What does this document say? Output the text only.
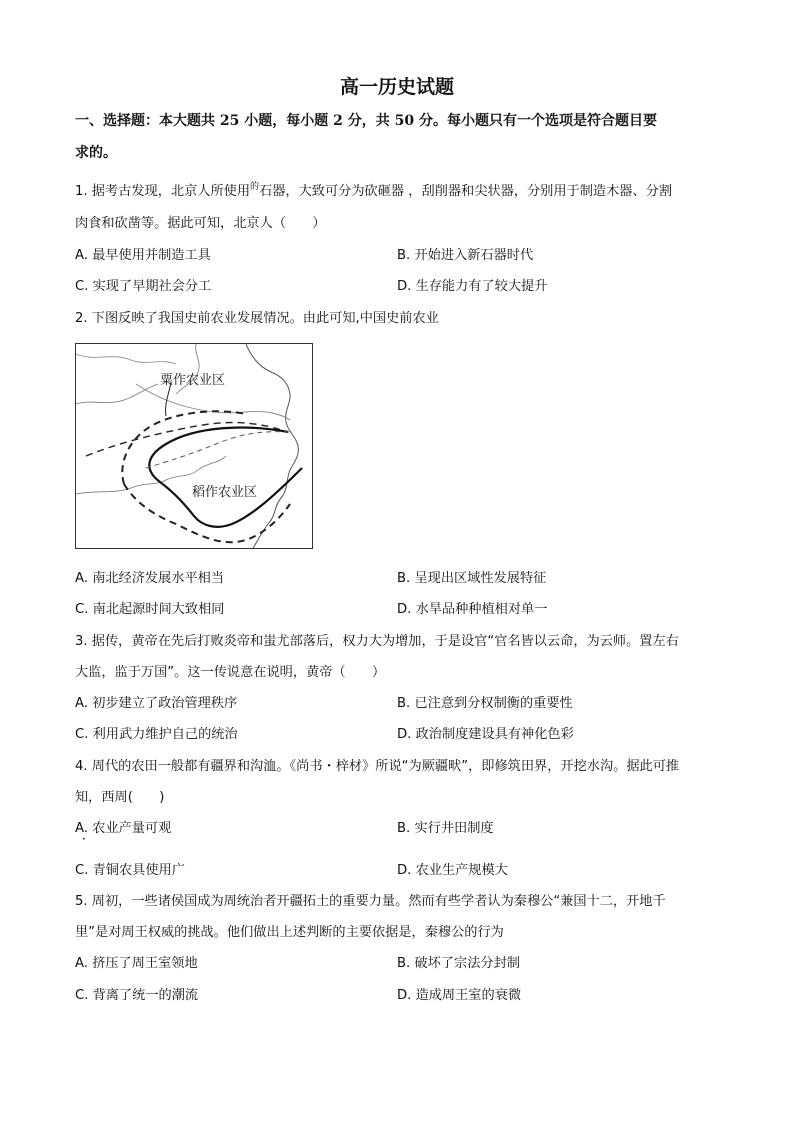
高一历史试题
一、选择题：本大题共 25 小题，每小题 2 分，共 50 分。每小题只有一个选项是符合题目要
求的。
1. 据考古发现，北京人所使用$^的$石器，大致可分为砍砸器 ，刮削器和尖状器，分别用于制造木器、分割
肉食和砍凿等。据此可知，北京人（　　）
A. 最早使用并制造工具	B. 开始进入新石器时代
C. 实现了早期社会分工	D. 生存能力有了较大提升
2. 下图反映了我国史前农业发展情况。由此可知,中国史前农业
粟作农业区
稻作农业区
A. 南北经济发展水平相当	B. 呈现出区域性发展特征
C. 南北起源时间大致相同	D. 水旱品种种植相对单一
3. 据传，黄帝在先后打败炎帝和蚩尤部落后，权力大为增加，于是设官“官名皆以云命，为云师。置左右
大监，监于万国”。这一传说意在说明，黄帝（　　）
A. 初步建立了政治管理秩序	B. 已注意到分权制衡的重要性
C. 利用武力维护自己的统治	D. 政治制度建设具有神化色彩
4. 周代的农田一般都有疆界和沟洫。《尚书・梓材》所说“为厥疆畎”，即修筑田界，开挖水沟。据此可推
知，西周(　　)
A. 农业产量可观	B. 实行井田制度
•
C. 青铜农具使用广	D. 农业生产规模大
5. 周初，一些诸侯国成为周统治者开疆拓土的重要力量。然而有些学者认为秦穆公“兼国十二，开地千
里”是对周王权威的挑战。他们做出上述判断的主要依据是，秦穆公的行为
A. 挤压了周王室领地	B. 破坏了宗法分封制
C. 背离了统一的潮流	D. 造成周王室的衰微
